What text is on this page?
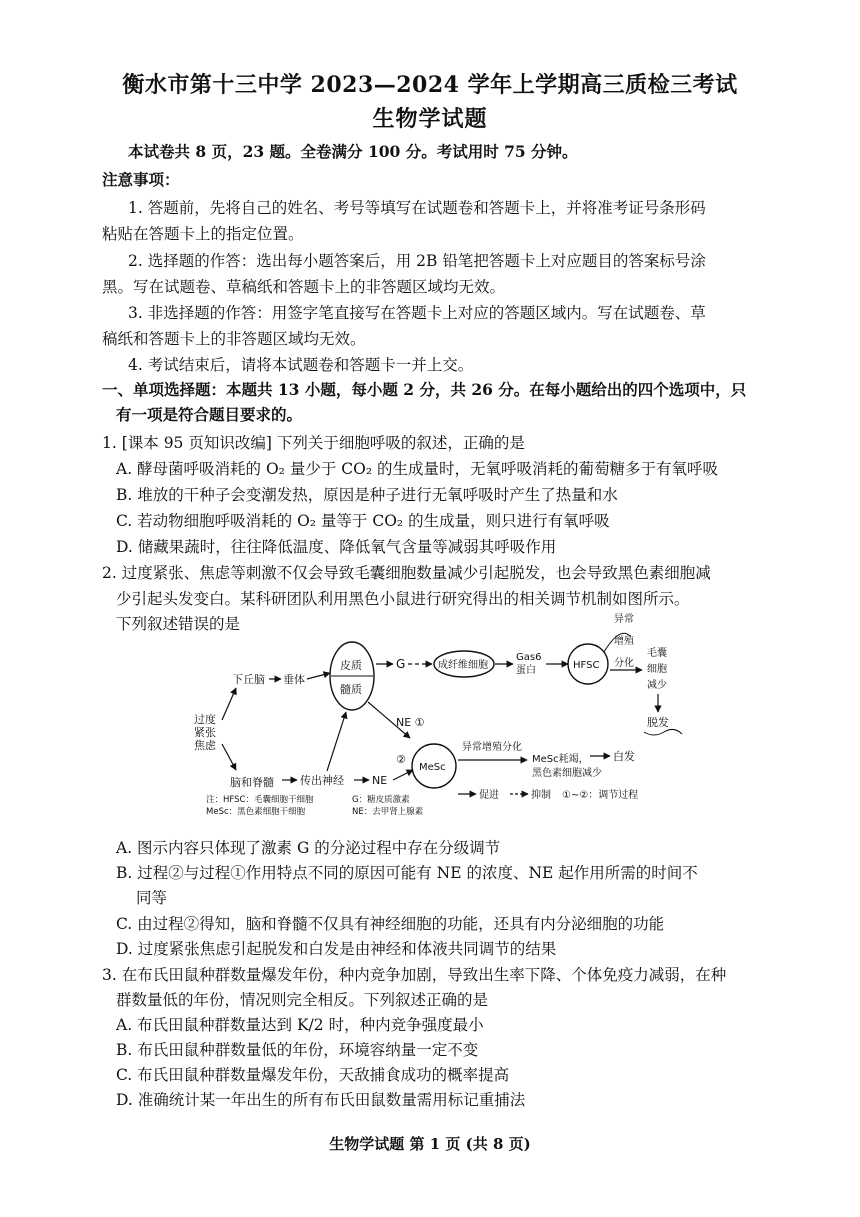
衡水市第十三中学 2023—2024 学年上学期高三质检三考试
生物学试题
本试卷共 8 页，23 题。全卷满分 100 分。考试用时 75 分钟。
注意事项：
1. 答题前，先将自己的姓名、考号等填写在试题卷和答题卡上，并将准考证号条形码
粘贴在答题卡上的指定位置。
2. 选择题的作答：选出每小题答案后，用 2B 铅笔把答题卡上对应题目的答案标号涂
黑。写在试题卷、草稿纸和答题卡上的非答题区域均无效。
3. 非选择题的作答：用签字笔直接写在答题卡上对应的答题区域内。写在试题卷、草
稿纸和答题卡上的非答题区域均无效。
4. 考试结束后，请将本试题卷和答题卡一并上交。
一、单项选择题：本题共 13 小题，每小题 2 分，共 26 分。在每小题给出的四个选项中，只
有一项是符合题目要求的。
1. [课本 95 页知识改编] 下列关于细胞呼吸的叙述，正确的是
A. 酵母菌呼吸消耗的 O₂ 量少于 CO₂ 的生成量时，无氧呼吸消耗的葡萄糖多于有氧呼吸
B. 堆放的干种子会变潮发热，原因是种子进行无氧呼吸时产生了热量和水
C. 若动物细胞呼吸消耗的 O₂ 量等于 CO₂ 的生成量，则只进行有氧呼吸
D. 储藏果蔬时，往往降低温度、降低氧气含量等减弱其呼吸作用
2. 过度紧张、焦虑等刺激不仅会导致毛囊细胞数量减少引起脱发，也会导致黑色素细胞减
少引起头发变白。某科研团队利用黑色小鼠进行研究得出的相关调节机制如图所示。
下列叙述错误的是
过度
紧张
焦虑
下丘脑 垂体
皮质
髓质
G	成纤维细胞
Gas6
蛋白	HFSC
异常
增殖
分化
毛囊
细胞
减少
脱发
NE ①
脑和脊髓 传出神经	NE
②
MeSc
异常增殖分化
MeSc耗竭，
黑色素细胞减少
白发
注：HFSC：毛囊细胞干细胞
MeSc：黑色素细胞干细胞
G：糖皮质激素
NE：去甲肾上腺素
促进	抑制 ①~②：调节过程
A. 图示内容只体现了激素 G 的分泌过程中存在分级调节
B. 过程②与过程①作用特点不同的原因可能有 NE 的浓度、NE 起作用所需的时间不
同等
C. 由过程②得知，脑和脊髓不仅具有神经细胞的功能，还具有内分泌细胞的功能
D. 过度紧张焦虑引起脱发和白发是由神经和体液共同调节的结果
3. 在布氏田鼠种群数量爆发年份，种内竞争加剧，导致出生率下降、个体免疫力减弱，在种
群数量低的年份，情况则完全相反。下列叙述正确的是
A. 布氏田鼠种群数量达到 K/2 时，种内竞争强度最小
B. 布氏田鼠种群数量低的年份，环境容纳量一定不变
C. 布氏田鼠种群数量爆发年份，天敌捕食成功的概率提高
D. 准确统计某一年出生的所有布氏田鼠数量需用标记重捕法
生物学试题 第 1 页 (共 8 页)
